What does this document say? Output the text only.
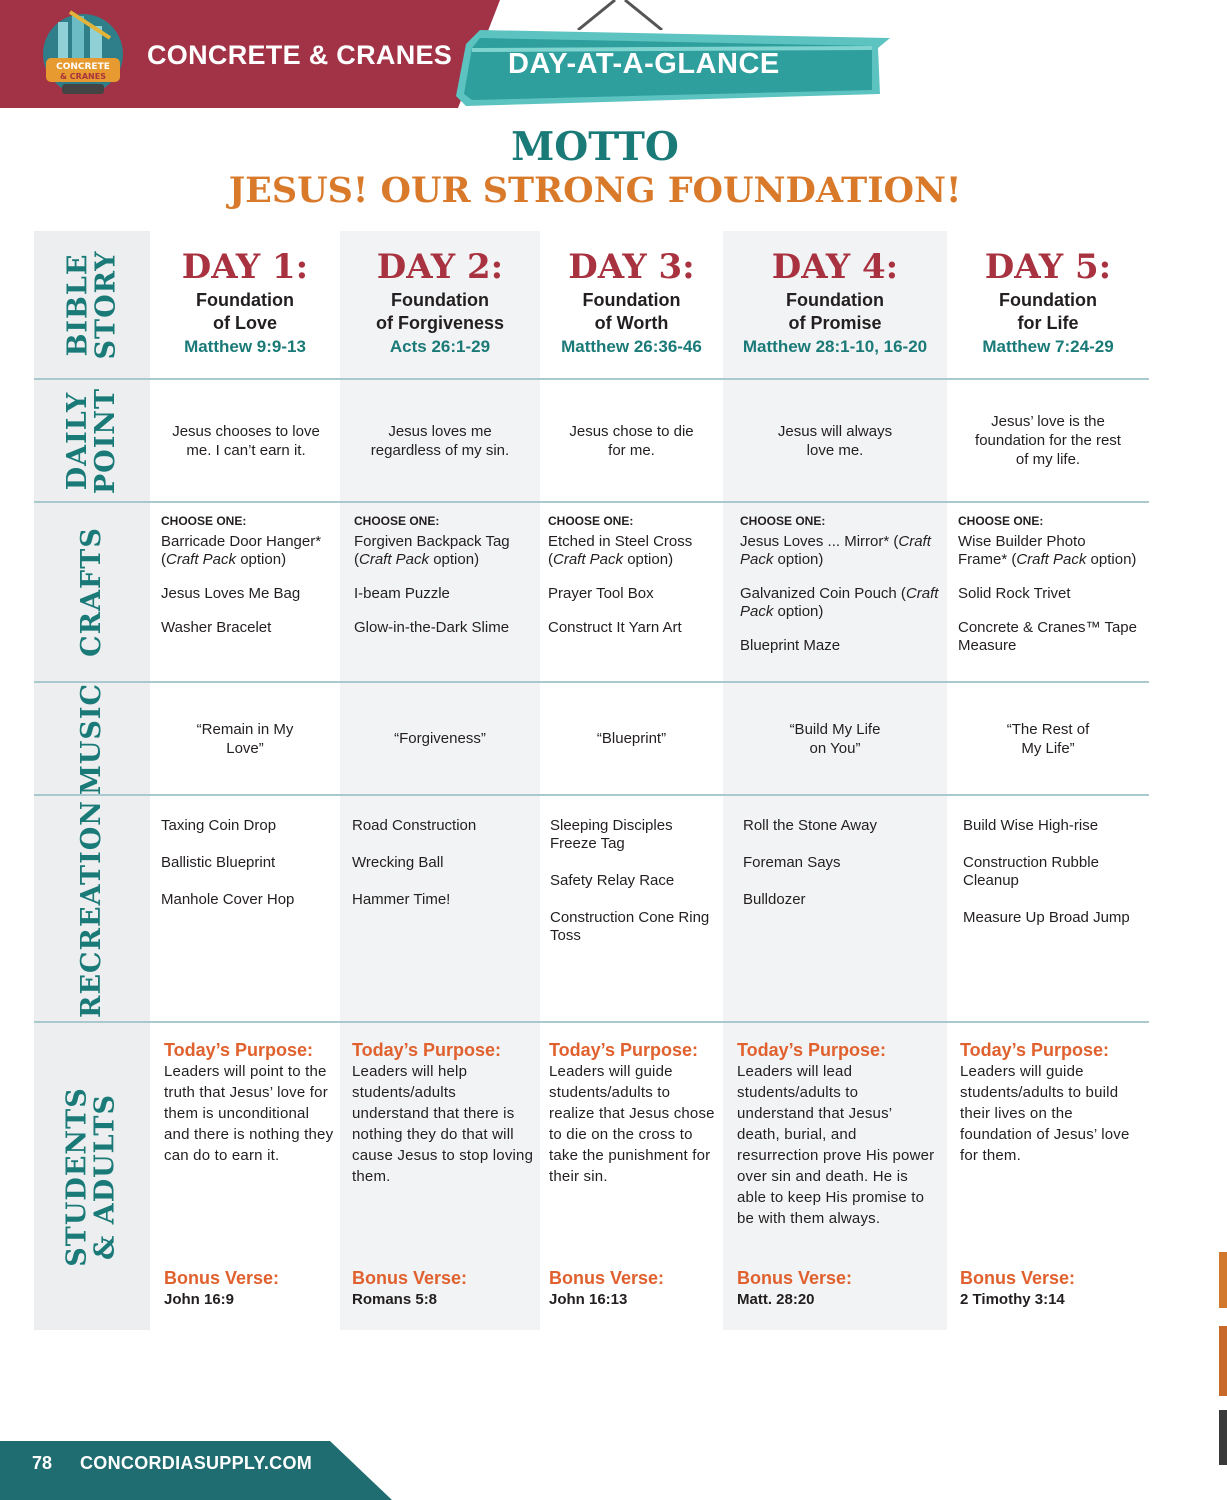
CONCRETE
& CRANES
CONCRETE & CRANES DAY-AT-A-GLANCE
MOTTO
JESUS! OUR STRONG FOUNDATION!
BIBLE
STORY
DAILY
POINT
CRAFTS
MUSIC
RECREATION
STUDENTS
& ADULTS
DAY 1:
Foundation
of Love
Matthew 9:9-13
DAY 2:
Foundation
of Forgiveness
Acts 26:1-29
DAY 3:
Foundation
of Worth
Matthew 26:36-46
DAY 4:
Foundation
of Promise
Matthew 28:1-10, 16-20
DAY 5:
Foundation
for Life
Matthew 7:24-29
Jesus chooses to love me. I can’t earn it.
Jesus loves me regardless of my sin.
Jesus chose to die for me.
Jesus will always love me.
Jesus’ love is the foundation for the rest of my life.
CHOOSE ONE:
Barricade Door Hanger* (Craft Pack option)
Jesus Loves Me Bag
Washer Bracelet
CHOOSE ONE:
Forgiven Backpack Tag (Craft Pack option)
I-beam Puzzle
Glow-in-the-Dark Slime
CHOOSE ONE:
Etched in Steel Cross (Craft Pack option)
Prayer Tool Box
Construct It Yarn Art
CHOOSE ONE:
Jesus Loves ... Mirror* (Craft Pack option)
Galvanized Coin Pouch (Craft Pack option)
Blueprint Maze
CHOOSE ONE:
Wise Builder Photo Frame* (Craft Pack option)
Solid Rock Trivet
Concrete & Cranes™ Tape Measure
“Remain in My Love”
“Forgiveness”	“Blueprint”
“Build My Life on You”
“The Rest of My Life”
Taxing Coin Drop
Ballistic Blueprint
Manhole Cover Hop
Road Construction
Wrecking Ball
Hammer Time!
Sleeping Disciples Freeze Tag
Safety Relay Race
Construction Cone Ring Toss
Roll the Stone Away
Foreman Says
Bulldozer
Build Wise High-rise
Construction Rubble Cleanup
Measure Up Broad Jump
Today’s Purpose:
Leaders will point to the truth that Jesus’ love for them is unconditional and there is nothing they can do to earn it.
Today’s Purpose:
Leaders will help students/adults understand that there is nothing they do that will cause Jesus to stop loving them.
Today’s Purpose:
Leaders will guide students/adults to realize that Jesus chose to die on the cross to take the punishment for their sin.
Today’s Purpose:
Leaders will lead students/adults to understand that Jesus’ death, burial, and resurrection prove His power over sin and death. He is able to keep His promise to be with them always.
Today’s Purpose:
Leaders will guide students/adults to build their lives on the foundation of Jesus’ love for them.
Bonus Verse:
John 16:9
Bonus Verse:
Romans 5:8
Bonus Verse:
John 16:13
Bonus Verse:
Matt. 28:20
Bonus Verse:
2 Timothy 3:14
78 CONCORDIASUPPLY.COM
